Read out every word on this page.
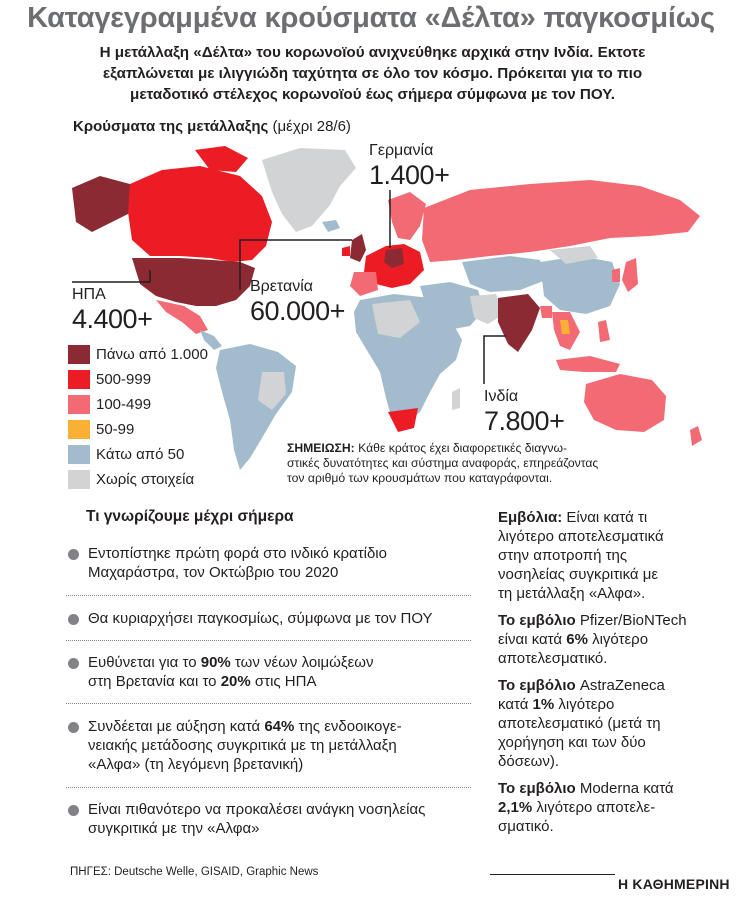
Καταγεγραμμένα κρούσματα «Δέλτα» παγκοσμίως
Η μετάλλαξη «Δέλτα» του κορωνοϊού ανιχνεύθηκε αρχικά στην Ινδία. Εκτοτε
εξαπλώνεται με ιλιγγιώδη ταχύτητα σε όλο τον κόσμο. Πρόκειται για το πιο
μεταδοτικό στέλεχος κορωνοϊού έως σήμερα σύμφωνα με τον ΠΟΥ.
Κρούσματα της μετάλλαξης (μέχρι 28/6)
Γερμανία
1.400+
ΗΠΑ
4.400+
Βρετανία
60.000+
Ινδία
7.800+
Πάνω από 1.000
500-999
100-499
50-99
Κάτω από 50
Χωρίς στοιχεία
ΣΗΜΕΙΩΣΗ: Κάθε κράτος έχει διαφορετικές διαγνω-
στικές δυνατότητες και σύστημα αναφοράς, επηρεάζοντας
τον αριθμό των κρουσμάτων που καταγράφονται.
Τι γνωρίζουμε μέχρι σήμερα
Εντοπίστηκε πρώτη φορά στο ινδικό κρατίδιο
Μαχαράστρα, τον Οκτώβριο του 2020
Θα κυριαρχήσει παγκοσμίως, σύμφωνα με τον ΠΟΥ
Ευθύνεται για το 90% των νέων λοιμώξεων
στη Βρετανία και το 20% στις ΗΠΑ
Συνδέεται με αύξηση κατά 64% της ενδοοικογε-
νειακής μετάδοσης συγκριτικά με τη μετάλλαξη
«Αλφα» (τη λεγόμενη βρετανική)
Είναι πιθανότερο να προκαλέσει ανάγκη νοσηλείας
συγκριτικά με την «Αλφα»
Εμβόλια: Είναι κατά τι
λιγότερο αποτελεσματικά
στην αποτροπή της
νοσηλείας συγκριτικά με
τη μετάλλαξη «Αλφα».
Το εμβόλιο Pfizer/BioNTech
είναι κατά 6% λιγότερο
αποτελεσματικό.
Το εμβόλιο AstraZeneca
κατά 1% λιγότερο
αποτελεσματικό (μετά τη
χορήγηση και των δύο
δόσεων).
Το εμβόλιο Moderna κατά
2,1% λιγότερο αποτελε-
σματικό.
ΠΗΓΕΣ: Deutsche Welle, GISAID, Graphic News
Η ΚΑΘΗΜΕΡΙΝΗ
